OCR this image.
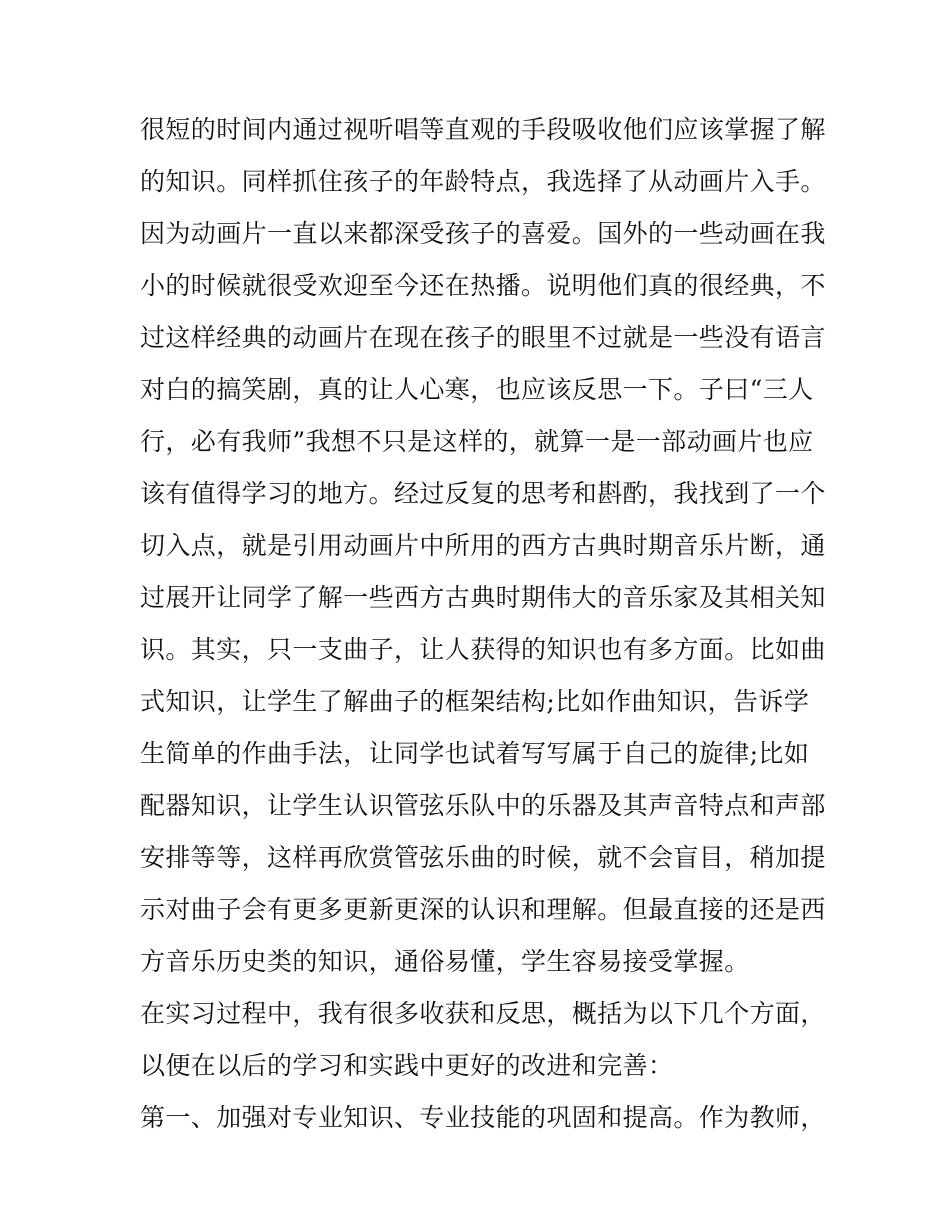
很短的时间内通过视听唱等直观的手段吸收他们应该掌握了解
的知识。同样抓住孩子的年龄特点，我选择了从动画片入手。
因为动画片一直以来都深受孩子的喜爱。国外的一些动画在我
小的时候就很受欢迎至今还在热播。说明他们真的很经典，不
过这样经典的动画片在现在孩子的眼里不过就是一些没有语言
对白的搞笑剧，真的让人心寒，也应该反思一下。子曰“三人
行，必有我师”我想不只是这样的，就算一是一部动画片也应
该有值得学习的地方。经过反复的思考和斟酌，我找到了一个
切入点，就是引用动画片中所用的西方古典时期音乐片断，通
过展开让同学了解一些西方古典时期伟大的音乐家及其相关知
识。其实，只一支曲子，让人获得的知识也有多方面。比如曲
式知识，让学生了解曲子的框架结构;比如作曲知识，告诉学
生简单的作曲手法，让同学也试着写写属于自己的旋律;比如
配器知识，让学生认识管弦乐队中的乐器及其声音特点和声部
安排等等，这样再欣赏管弦乐曲的时候，就不会盲目，稍加提
示对曲子会有更多更新更深的认识和理解。但最直接的还是西
方音乐历史类的知识，通俗易懂，学生容易接受掌握。
在实习过程中，我有很多收获和反思，概括为以下几个方面，
以便在以后的学习和实践中更好的改进和完善：
第一、加强对专业知识、专业技能的巩固和提高。作为教师，
